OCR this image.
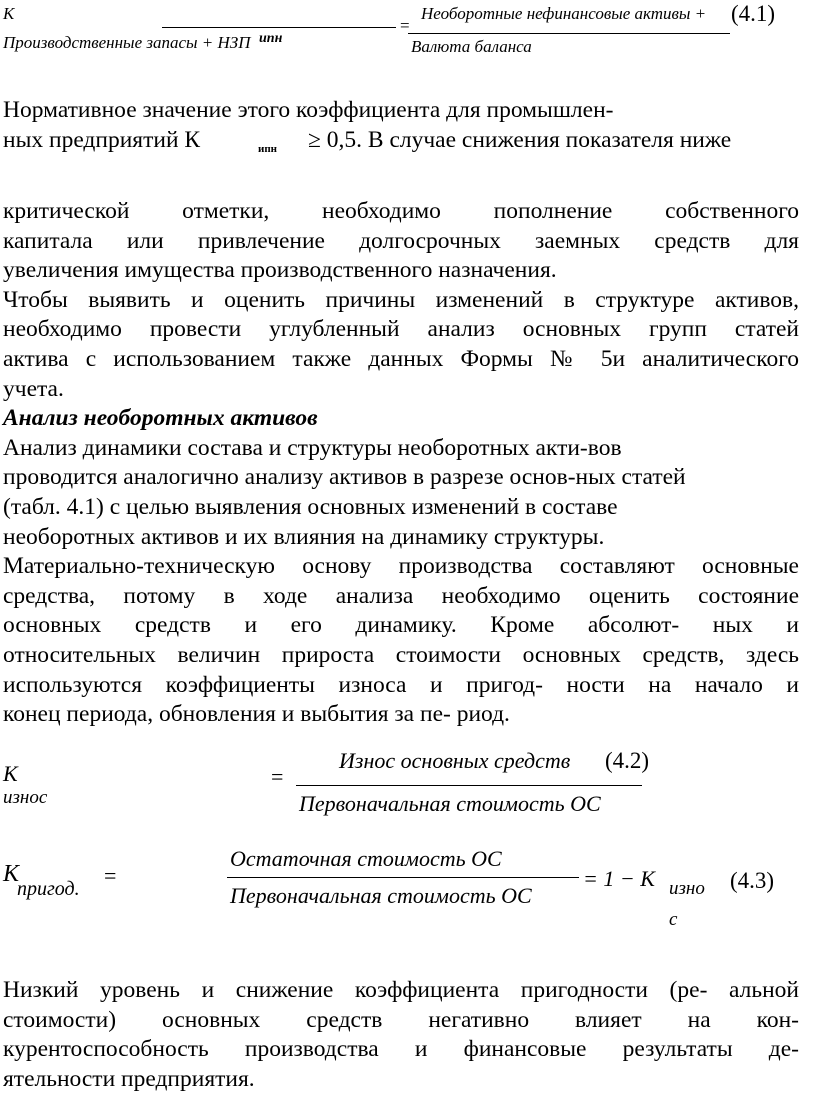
К
Производственные запасы + НЗП ипн
=
Необоротные нефинансовые активы +
Валюта баланса
(4.1)
Нормативное значение этого коэффициента для промышлен-
ных предприятий К	ипн ≥ 0,5. В случае снижения показателя ниже

критической отметки, необходимо пополнение собственного
капитала или привлечение долгосрочных заемных средств для
увеличения имущества производственного назначения.

Чтобы выявить и оценить причины изменений в структуре активов,
необходимо провести углубленный анализ основных групп статей
актива с использованием также данных Формы № 5и аналитического
учета.

Анализ необоротных активов

Анализ динамики состава и структуры необоротных акти-вов
проводится аналогично анализу активов в разрезе основ-ных статей
(табл. 4.1) с целью выявления основных изменений в составе
необоротных активов и их влияния на динамику структуры.

Материально-техническую основу производства составляют основные
средства, потому в ходе анализа необходимо оценить состояние
основных средств и его динамику. Кроме абсолют- ных и
относительных величин прироста стоимости основных средств, здесь
используются коэффициенты износа и пригод- ности на начало и
конец периода, обновления и выбытия за пе- риод.

К
износ
=
Износ основных средств
Первоначальная стоимость ОС
(4.2)
К
пригод.
=
Остаточная стоимость ОС
Первоначальная стоимость ОС
= 1 − К изно
с
(4.3)
Низкий уровень и снижение коэффициента пригодности (ре- альной
стоимости) основных средств негативно влияет на кон-
курентоспособность производства и финансовые результаты де-
ятельности предприятия.
